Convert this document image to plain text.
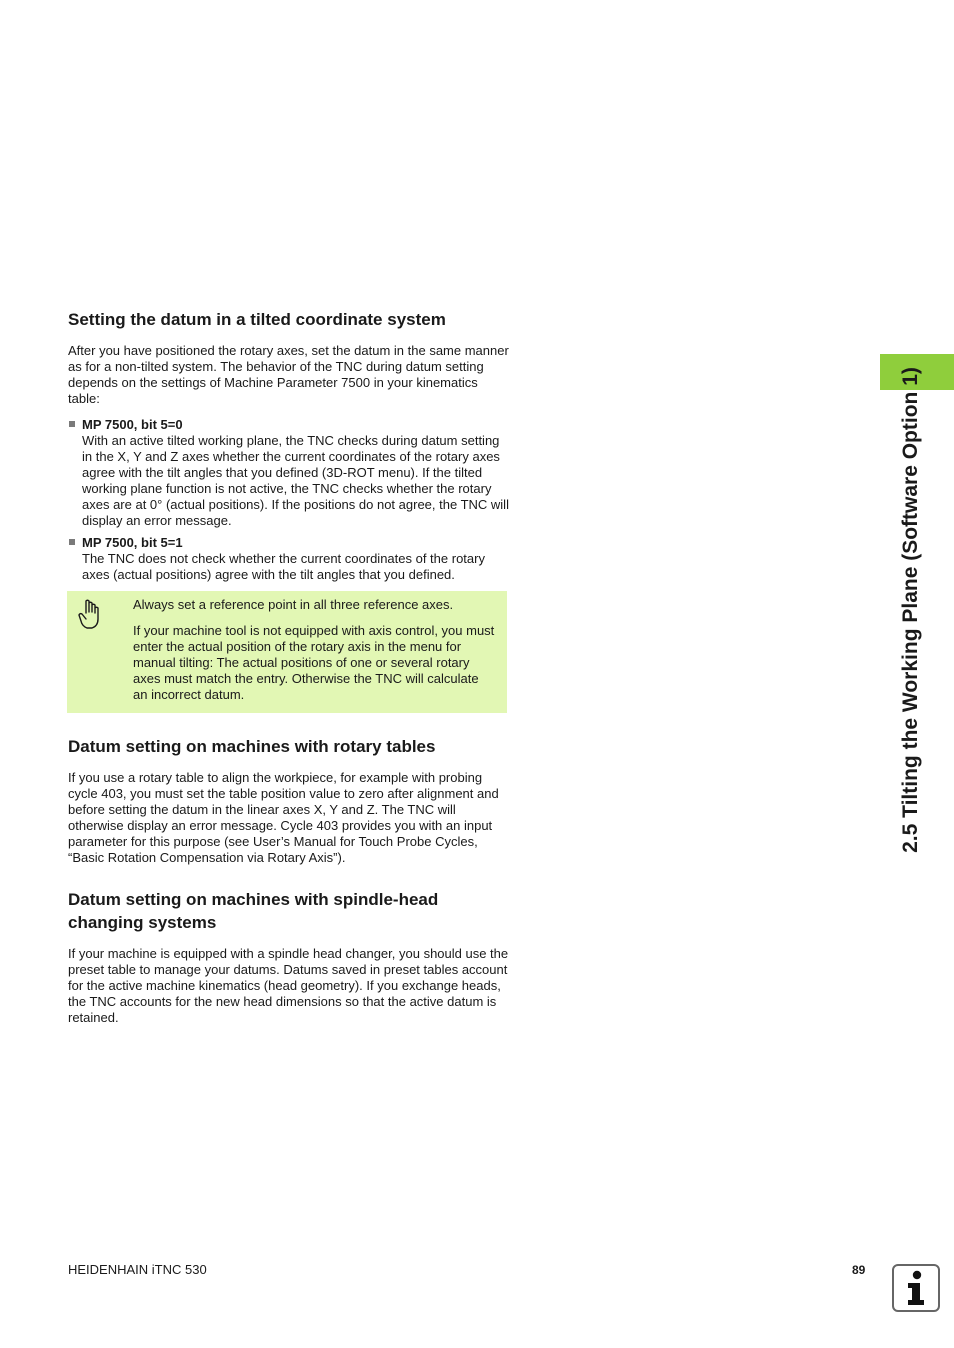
2.5 Tilting the Working Plane (Software Option 1)
Setting the datum in a tilted coordinate system

After you have positioned the rotary axes, set the datum in the same manner as for a non-tilted system. The behavior of the TNC during datum setting depends on the settings of Machine Parameter 7500 in your kinematics table:

MP 7500, bit 5=0
With an active tilted working plane, the TNC checks during datum setting in the X, Y and Z axes whether the current coordinates of the rotary axes agree with the tilt angles that you defined (3D-ROT menu). If the tilted working plane function is not active, the TNC checks whether the rotary axes are at 0° (actual positions). If the positions do not agree, the TNC will display an error message.
MP 7500, bit 5=1
The TNC does not check whether the current coordinates of the rotary axes (actual positions) agree with the tilt angles that you defined.

Always set a reference point in all three reference axes.

If your machine tool is not equipped with axis control, you must enter the actual position of the rotary axis in the menu for manual tilting: The actual positions of one or several rotary axes must match the entry. Otherwise the TNC will calculate an incorrect datum.

Datum setting on machines with rotary tables

If you use a rotary table to align the workpiece, for example with probing cycle 403, you must set the table position value to zero after alignment and before setting the datum in the linear axes X, Y and Z. The TNC will otherwise display an error message. Cycle 403 provides you with an input parameter for this purpose (see User’s Manual for Touch Probe Cycles, “Basic Rotation Compensation via Rotary Axis”).

Datum setting on machines with spindle-head changing systems

If your machine is equipped with a spindle head changer, you should use the preset table to manage your datums. Datums saved in preset tables account for the active machine kinematics (head geometry). If you exchange heads, the TNC accounts for the new head dimensions so that the active datum is retained.

HEIDENHAIN iTNC 530	89
